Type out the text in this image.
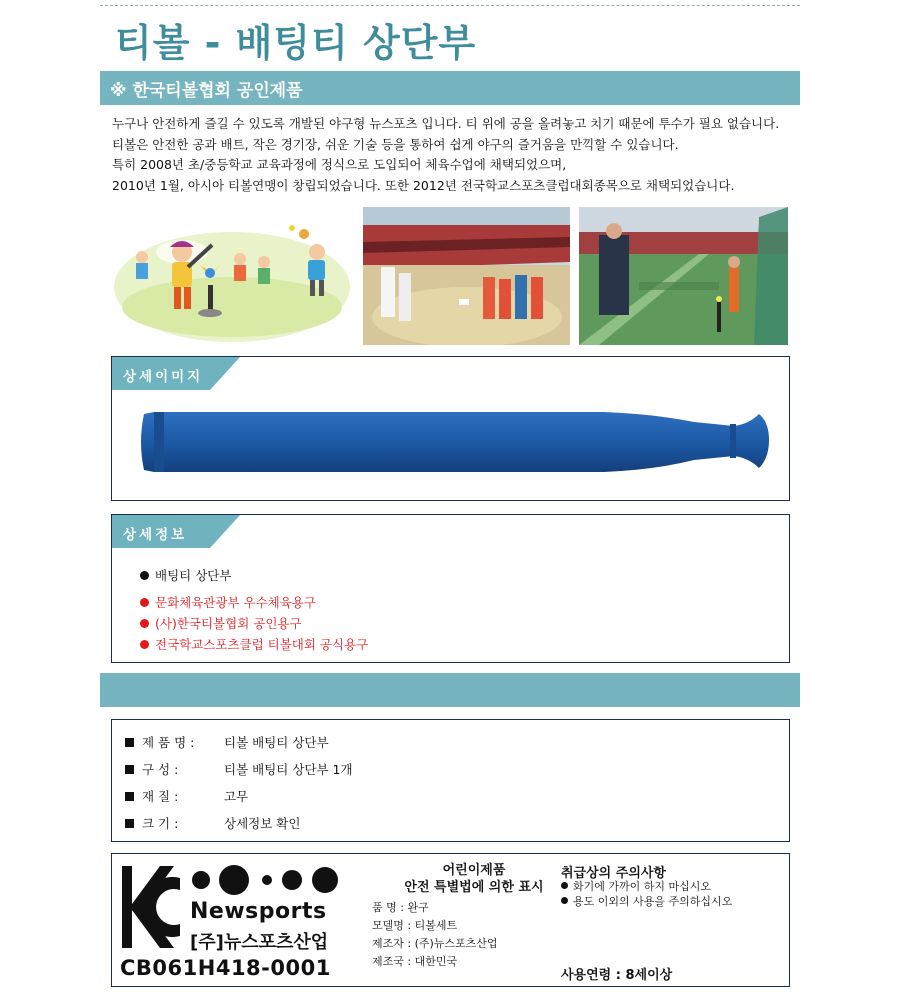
티볼 - 배팅티 상단부
※ 한국티볼협회 공인제품

누구나 안전하게 즐길 수 있도록 개발된 야구형 뉴스포츠 입니다. 티 위에 공을 올려놓고 치기 때문에 투수가 필요 없습니다.

티볼은 안전한 공과 배트, 작은 경기장, 쉬운 기술 등을 통하여 쉽게 야구의 즐거움을 만끽할 수 있습니다.

특히 2008년 초/중등학교 교육과정에 정식으로 도입되어 체육수업에 채택되었으며,

2010년 1월, 아시아 티볼연맹이 창립되었습니다. 또한 2012년 전국학교스포츠클럽대회종목으로 채택되었습니다.

상세이미지
상세정보
배팅티 상단부
문화체육관광부 우수체육용구
(사)한국티볼협회 공인용구
전국학교스포츠클럽 티볼대회 공식용구
제 품 명 : 티볼 배팅티 상단부
구 성 :	티볼 배팅티 상단부 1개
재 질 :	고무
크 기 :	상세정보 확인
Newsports
[주]뉴스포츠산업
CB061H418-0001
어린이제품
안전 특별법에 의한 표시
품 명 : 완구
모델명 : 티볼세트
제조자 : (주)뉴스포츠산업
제조국 : 대한민국
취급상의 주의사항
화기에 가까이 하지 마십시오
용도 이외의 사용을 주의하십시오
사용연령 : 8세이상
